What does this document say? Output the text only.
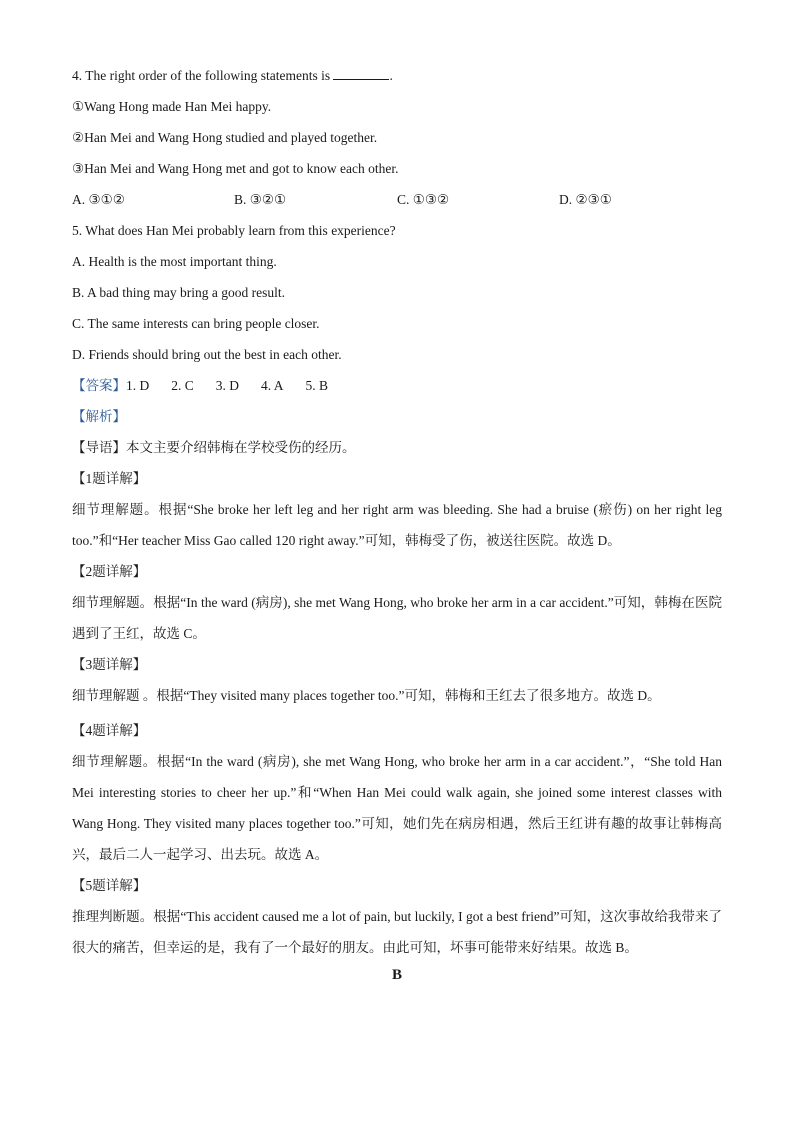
4. The right order of the following statements is	.
①Wang Hong made Han Mei happy.
②Han Mei and Wang Hong studied and played together.
③Han Mei and Wang Hong met and got to know each other.
A. ③①②	B. ③②①	C. ①③②	D. ②③①
5. What does Han Mei probably learn from this experience?
A. Health is the most important thing.
B. A bad thing may bring a good result.
C. The same interests can bring people closer.
D. Friends should bring out the best in each other.
【答案】1. D 2. C 3. D 4. A 5. B
【解析】
【导语】本文主要介绍韩梅在学校受伤的经历。
【1题详解】
细节理解题。根据“She broke her left leg and her right arm was bleeding. She had a bruise (瘀伤) on her right leg too.”和“Her teacher Miss Gao called 120 right away.”可知，韩梅受了伤，被送往医院。故选 D。
【2题详解】
细节理解题。根据“In the ward (病房), she met Wang Hong, who broke her arm in a car accident.”可知，韩梅在医院遇到了王红，故选 C。
【3题详解】
细节理解题 。根据“They visited many places together too.”可知，韩梅和王红去了很多地方。故选 D。
【4题详解】
细节理解题。根据“In the ward (病房), she met Wang Hong, who broke her arm in a car accident.”，“She told Han Mei interesting stories to cheer her up.”和“When Han Mei could walk again, she joined some interest classes with Wang Hong. They visited many places together too.”可知，她们先在病房相遇，然后王红讲有趣的故事让韩梅高兴，最后二人一起学习、出去玩。故选 A。
【5题详解】
推理判断题。根据“This accident caused me a lot of pain, but luckily, I got a best friend”可知，这次事故给我带来了很大的痛苦，但幸运的是，我有了一个最好的朋友。由此可知，坏事可能带来好结果。故选 B。
B
